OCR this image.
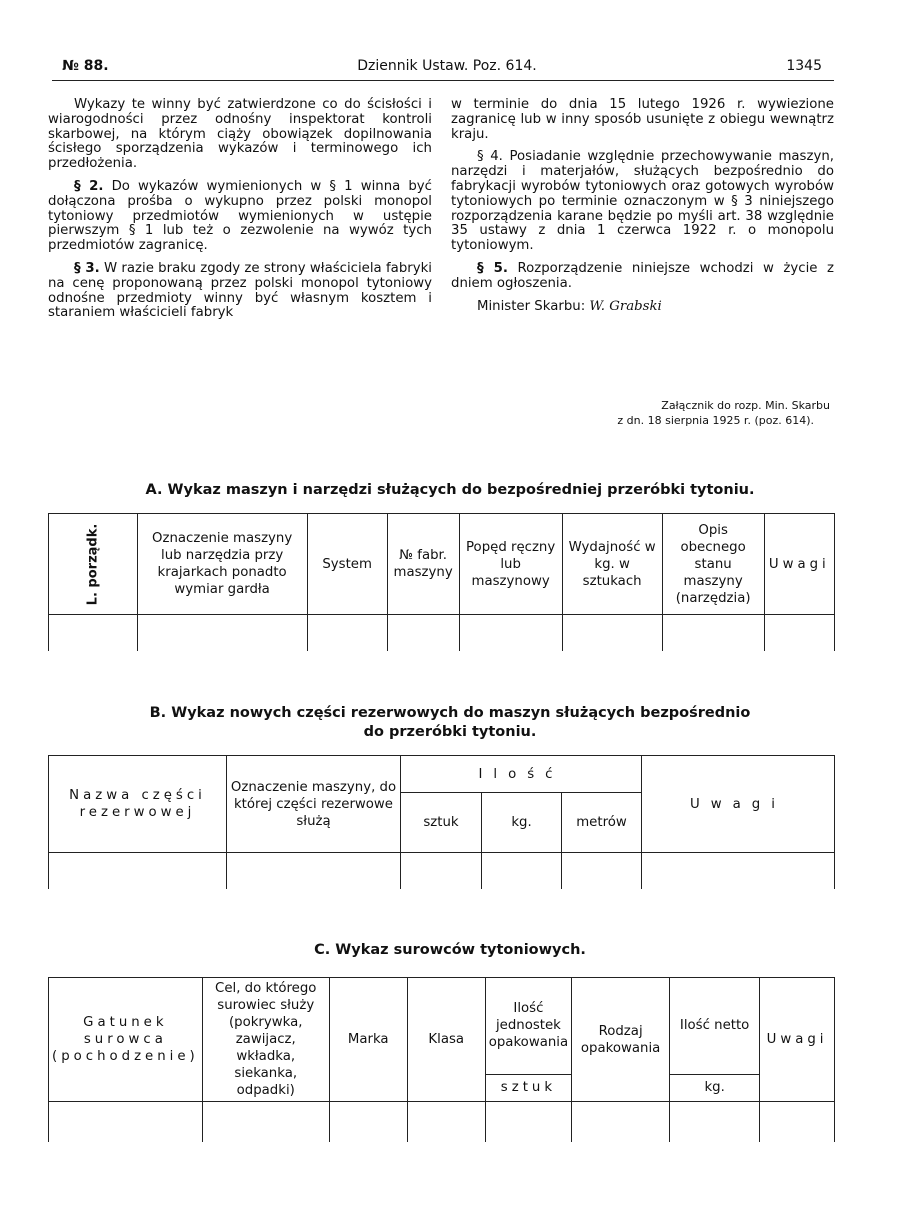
№ 88.	Dziennik Ustaw. Poz. 614.	1345

Wykazy te winny być zatwierdzone co do ścisłości i wiarogodności przez odnośny inspektorat kontroli skarbowej, na którym ciąży obowiązek dopilnowania ścisłego sporządzenia wykazów i terminowego ich przedłożenia.

§ 2. Do wykazów wymienionych w § 1 winna być dołączona prośba o wykupno przez polski monopol tytoniowy przedmiotów wymienionych w ustępie pierwszym § 1 lub też o zezwolenie na wywóz tych przedmiotów zagranicę.

§ 3. W razie braku zgody ze strony właściciela fabryki na cenę proponowaną przez polski monopol tytoniowy odnośne przedmioty winny być własnym kosztem i staraniem właścicieli fabryk

w terminie do dnia 15 lutego 1926 r. wywiezione zagranicę lub w inny sposób usunięte z obiegu wewnątrz kraju.

§ 4. Posiadanie względnie przechowywanie maszyn, narzędzi i materjałów, służących bezpośrednio do fabrykacji wyrobów tytoniowych oraz gotowych wyrobów tytoniowych po terminie oznaczonym w § 3 niniejszego rozporządzenia karane będzie po myśli art. 38 względnie 35 ustawy z dnia 1 czerwca 1922 r. o monopolu tytoniowym.

§ 5. Rozporządzenie niniejsze wchodzi w życie z dniem ogłoszenia.

Minister Skarbu: W. Grabski

Załącznik do rozp. Min. Skarbu
z dn. 18 sierpnia 1925 r. (poz. 614).
A. Wykaz maszyn i narzędzi służących do bezpośredniej przeróbki tytoniu.
L. porządk.	Oznaczenie maszyny lub narzędzia przy krajarkach ponadto wymiar gardła	System	№ fabr. maszyny	Popęd ręczny lub maszynowy	Wydajność w kg. w sztukach	Opis obecnego stanu maszyny (narzędzia)	Uwagi

B. Wykaz nowych części rezerwowych do maszyn służących bezpośrednio
do przeróbki tytoniu.
Nazwa części rezerwowej	Oznaczenie maszyny, do której części rezerwowe służą	Ilość			Uwagi
		sztuk	kg.	metrów	

C. Wykaz surowców tytoniowych.
Gatunek surowca (pochodzenie)	Cel, do którego surowiec służy (pokrywka, zawijacz, wkładka, siekanka, odpadki)	Marka	Klasa	Ilość jednostek opakowania	Rodzaj opakowania	Ilość netto	Uwagi
				sztuk		kg.	
